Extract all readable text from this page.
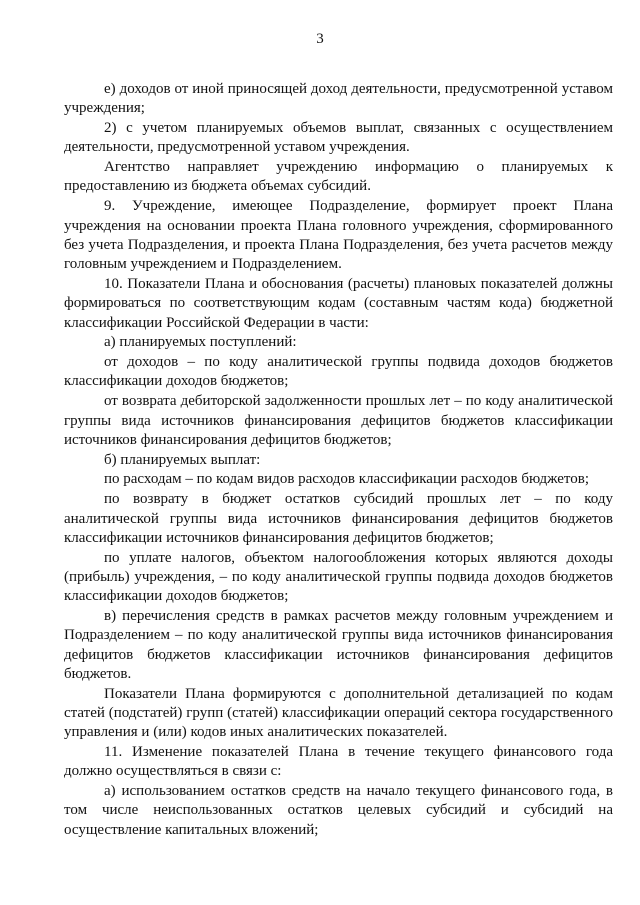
3

е) доходов от иной приносящей доход деятельности, предусмотренной уставом учреждения;

2) с учетом планируемых объемов выплат, связанных с осуществлением деятельности, предусмотренной уставом учреждения.

Агентство направляет учреждению информацию о планируемых к предоставлению из бюджета объемах субсидий.

9. Учреждение, имеющее Подразделение, формирует проект Плана учреждения на основании проекта Плана головного учреждения, сформированного без учета Подразделения, и проекта Плана Подразделения, без учета расчетов между головным учреждением и Подразделением.

10. Показатели Плана и обоснования (расчеты) плановых показателей должны формироваться по соответствующим кодам (составным частям кода) бюджетной классификации Российской Федерации в части:

а) планируемых поступлений:

от доходов – по коду аналитической группы подвида доходов бюджетов классификации доходов бюджетов;

от возврата дебиторской задолженности прошлых лет – по коду аналитической группы вида источников финансирования дефицитов бюджетов классификации источников финансирования дефицитов бюджетов;

б) планируемых выплат:

по расходам – по кодам видов расходов классификации расходов бюджетов;

по возврату в бюджет остатков субсидий прошлых лет – по коду аналитической группы вида источников финансирования дефицитов бюджетов классификации источников финансирования дефицитов бюджетов;

по уплате налогов, объектом налогообложения которых являются доходы (прибыль) учреждения, – по коду аналитической группы подвида доходов бюджетов классификации доходов бюджетов;

в) перечисления средств в рамках расчетов между головным учреждением и Подразделением – по коду аналитической группы вида источников финансирования дефицитов бюджетов классификации источников финансирования дефицитов бюджетов.

Показатели Плана формируются с дополнительной детализацией по кодам статей (подстатей) групп (статей) классификации операций сектора государственного управления и (или) кодов иных аналитических показателей.

11. Изменение показателей Плана в течение текущего финансового года должно осуществляться в связи с:

а) использованием остатков средств на начало текущего финансового года, в том числе неиспользованных остатков целевых субсидий и субсидий на осуществление капитальных вложений;
